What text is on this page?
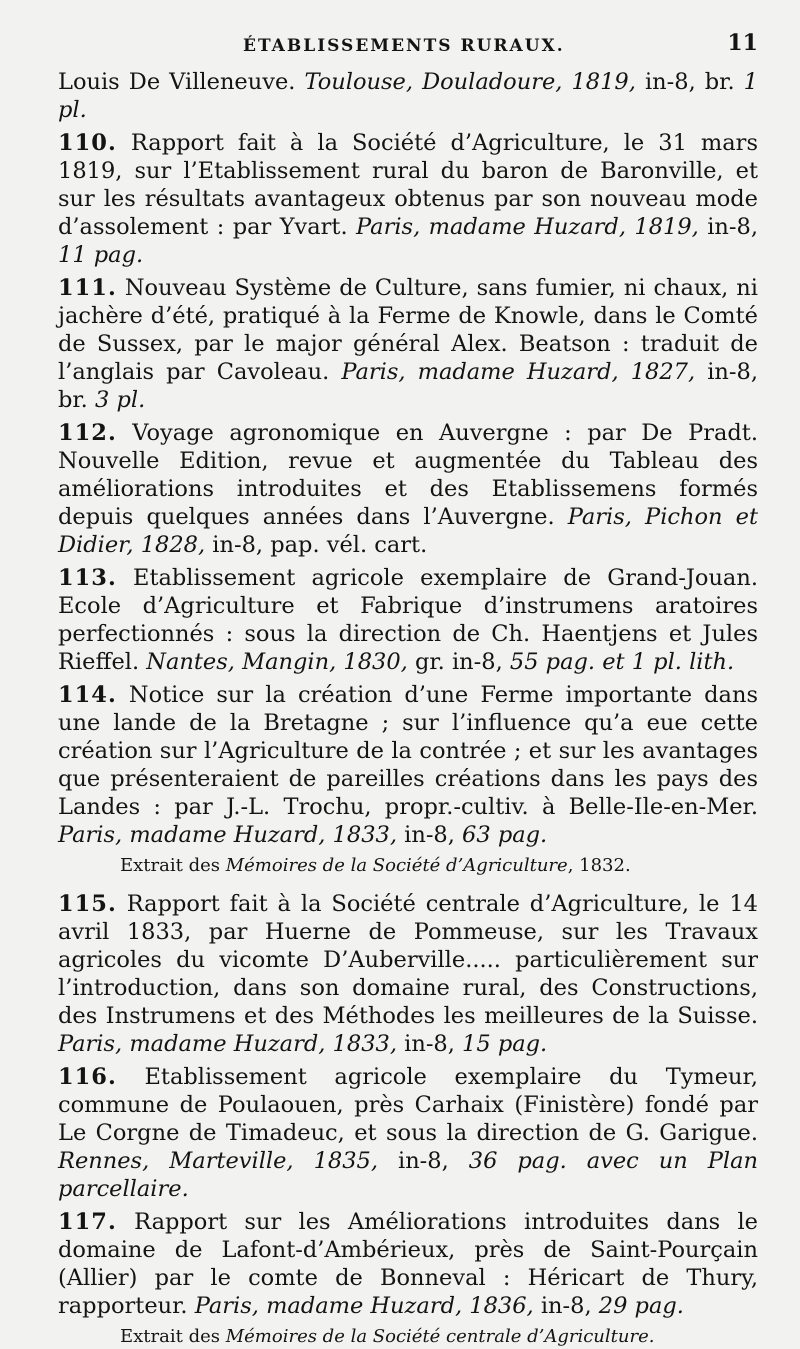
ÉTABLISSEMENTS RURAUX.	11

Louis De Villeneuve. Toulouse, Douladoure, 1819, in-8, br. 1 pl.

110. Rapport fait à la Société d’Agriculture, le 31 mars 1819, sur l’Etablissement rural du baron de Baronville, et sur les résultats avantageux obtenus par son nouveau mode d’assolement : par Yvart. Paris, madame Huzard, 1819, in-8, 11 pag.

111. Nouveau Système de Culture, sans fumier, ni chaux, ni jachère d’été, pratiqué à la Ferme de Knowle, dans le Comté de Sussex, par le major général Alex. Beatson : traduit de l’anglais par Cavoleau. Paris, madame Huzard, 1827, in-8, br. 3 pl.

112. Voyage agronomique en Auvergne : par De Pradt. Nouvelle Edition, revue et augmentée du Tableau des améliorations introduites et des Etablissemens formés depuis quelques années dans l’Auvergne. Paris, Pichon et Didier, 1828, in-8, pap. vél. cart.

113. Etablissement agricole exemplaire de Grand-Jouan. Ecole d’Agriculture et Fabrique d’instrumens aratoires perfectionnés : sous la direction de Ch. Haentjens et Jules Rieffel. Nantes, Mangin, 1830, gr. in-8, 55 pag. et 1 pl. lith.

114. Notice sur la création d’une Ferme importante dans une lande de la Bretagne ; sur l’influence qu’a eue cette création sur l’Agriculture de la contrée ; et sur les avantages que présenteraient de pareilles créations dans les pays des Landes : par J.-L. Trochu, propr.-cultiv. à Belle-Ile-en-Mer. Paris, madame Huzard, 1833, in-8, 63 pag.

Extrait des Mémoires de la Société d’Agriculture, 1832.

115. Rapport fait à la Société centrale d’Agriculture, le 14 avril 1833, par Huerne de Pommeuse, sur les Travaux agricoles du vicomte D’Auberville..... particulièrement sur l’introduction, dans son domaine rural, des Constructions, des Instrumens et des Méthodes les meilleures de la Suisse. Paris, madame Huzard, 1833, in-8, 15 pag.

116. Etablissement agricole exemplaire du Tymeur, commune de Poulaouen, près Carhaix (Finistère) fondé par Le Corgne de Timadeuc, et sous la direction de G. Garigue. Rennes, Marteville, 1835, in-8, 36 pag. avec un Plan parcellaire.

117. Rapport sur les Améliorations introduites dans le domaine de Lafont-d’Ambérieux, près de Saint-Pourçain (Allier) par le comte de Bonneval : Héricart de Thury, rapporteur. Paris, madame Huzard, 1836, in-8, 29 pag.

Extrait des Mémoires de la Société centrale d’Agriculture.
